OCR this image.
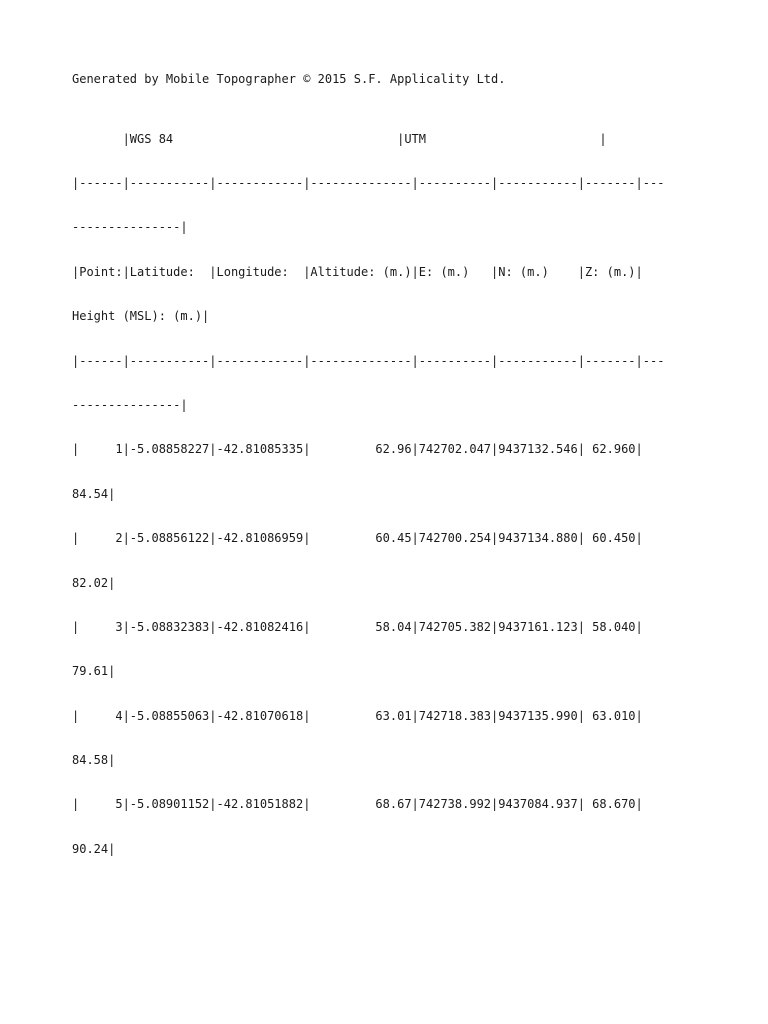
Generated by Mobile Topographer © 2015 S.F. Applicality Ltd.

|WGS 84                               |UTM                        |

|------|-----------|------------|--------------|----------|-----------|-------|---

---------------|

|Point:|Latitude:  |Longitude:  |Altitude: (m.)|E: (m.)   |N: (m.)    |Z: (m.)|

Height (MSL): (m.)|

|------|-----------|------------|--------------|----------|-----------|-------|---

---------------|

|     1|-5.08858227|-42.81085335|         62.96|742702.047|9437132.546| 62.960|

84.54|

|     2|-5.08856122|-42.81086959|         60.45|742700.254|9437134.880| 60.450|

82.02|

|     3|-5.08832383|-42.81082416|         58.04|742705.382|9437161.123| 58.040|

79.61|

|     4|-5.08855063|-42.81070618|         63.01|742718.383|9437135.990| 63.010|

84.58|

|     5|-5.08901152|-42.81051882|         68.67|742738.992|9437084.937| 68.670|

90.24|
